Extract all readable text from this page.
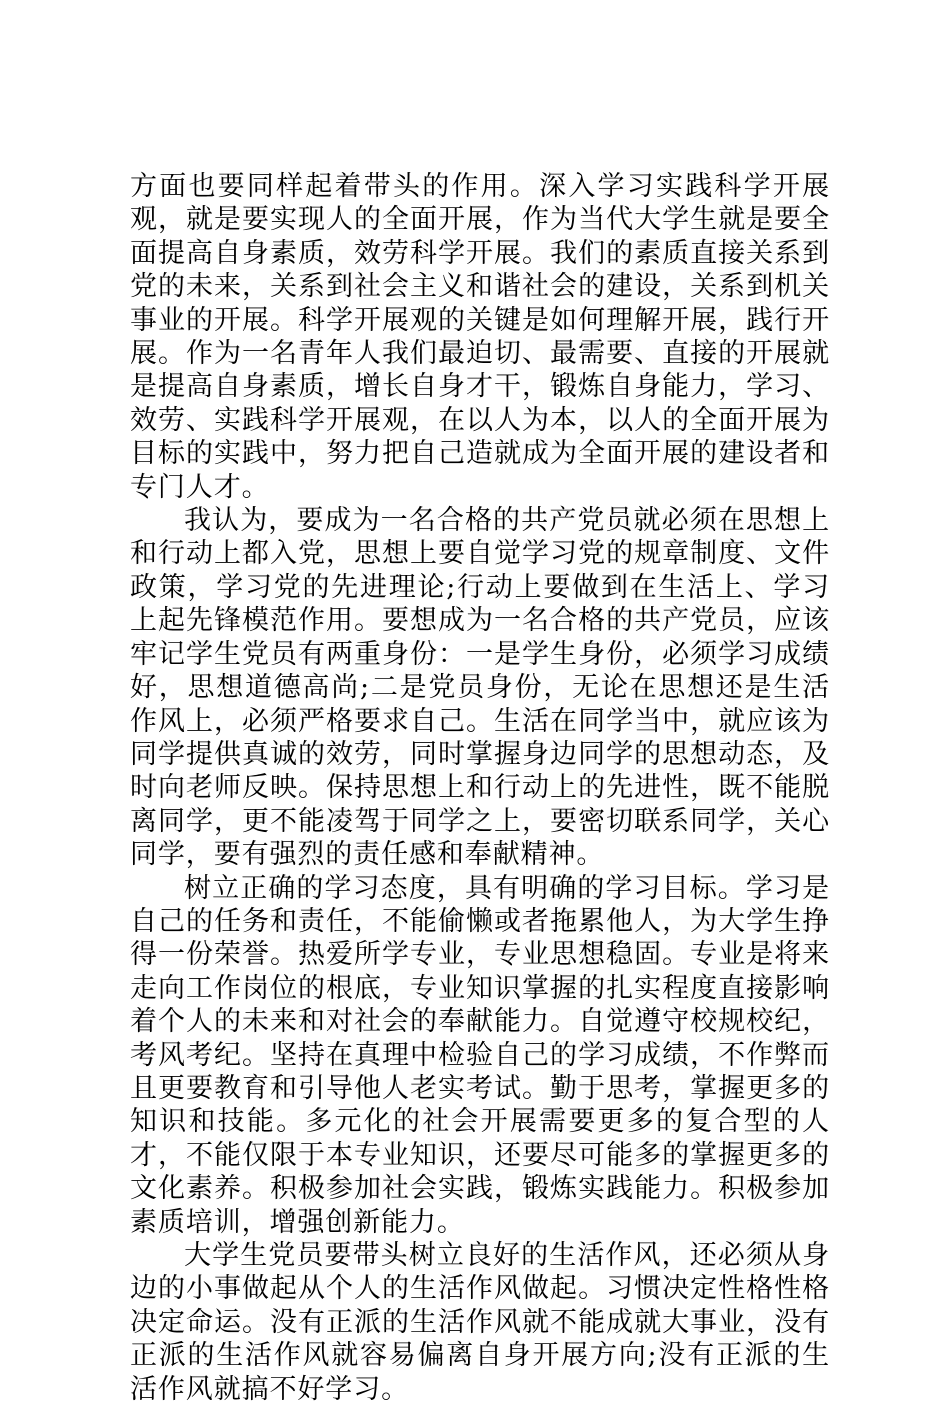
方面也要同样起着带头的作用。深入学习实践科学开展观，就是要实现人的全面开展，作为当代大学生就是要全面提高自身素质，效劳科学开展。我们的素质直接关系到党的未来，关系到社会主义和谐社会的建设，关系到机关事业的开展。科学开展观的关键是如何理解开展，践行开展。作为一名青年人我们最迫切、最需要、直接的开展就是提高自身素质，增长自身才干，锻炼自身能力，学习、效劳、实践科学开展观，在以人为本，以人的全面开展为目标的实践中，努力把自己造就成为全面开展的建设者和专门人才。

我认为，要成为一名合格的共产党员就必须在思想上和行动上都入党，思想上要自觉学习党的规章制度、文件政策，学习党的先进理论;行动上要做到在生活上、学习上起先锋模范作用。要想成为一名合格的共产党员，应该牢记学生党员有两重身份：一是学生身份，必须学习成绩好，思想道德高尚;二是党员身份，无论在思想还是生活作风上，必须严格要求自己。生活在同学当中，就应该为同学提供真诚的效劳，同时掌握身边同学的思想动态，及时向老师反映。保持思想上和行动上的先进性，既不能脱离同学，更不能凌驾于同学之上，要密切联系同学，关心同学，要有强烈的责任感和奉献精神。

树立正确的学习态度，具有明确的学习目标。学习是自己的任务和责任，不能偷懒或者拖累他人，为大学生挣得一份荣誉。热爱所学专业，专业思想稳固。专业是将来走向工作岗位的根底，专业知识掌握的扎实程度直接影响着个人的未来和对社会的奉献能力。自觉遵守校规校纪，考风考纪。坚持在真理中检验自己的学习成绩，不作弊而且更要教育和引导他人老实考试。勤于思考，掌握更多的知识和技能。多元化的社会开展需要更多的复合型的人才，不能仅限于本专业知识，还要尽可能多的掌握更多的文化素养。积极参加社会实践，锻炼实践能力。积极参加素质培训，增强创新能力。

大学生党员要带头树立良好的生活作风，还必须从身边的小事做起从个人的生活作风做起。习惯决定性格性格决定命运。没有正派的生活作风就不能成就大事业，没有正派的生活作风就容易偏离自身开展方向;没有正派的生活作风就搞不好学习。
